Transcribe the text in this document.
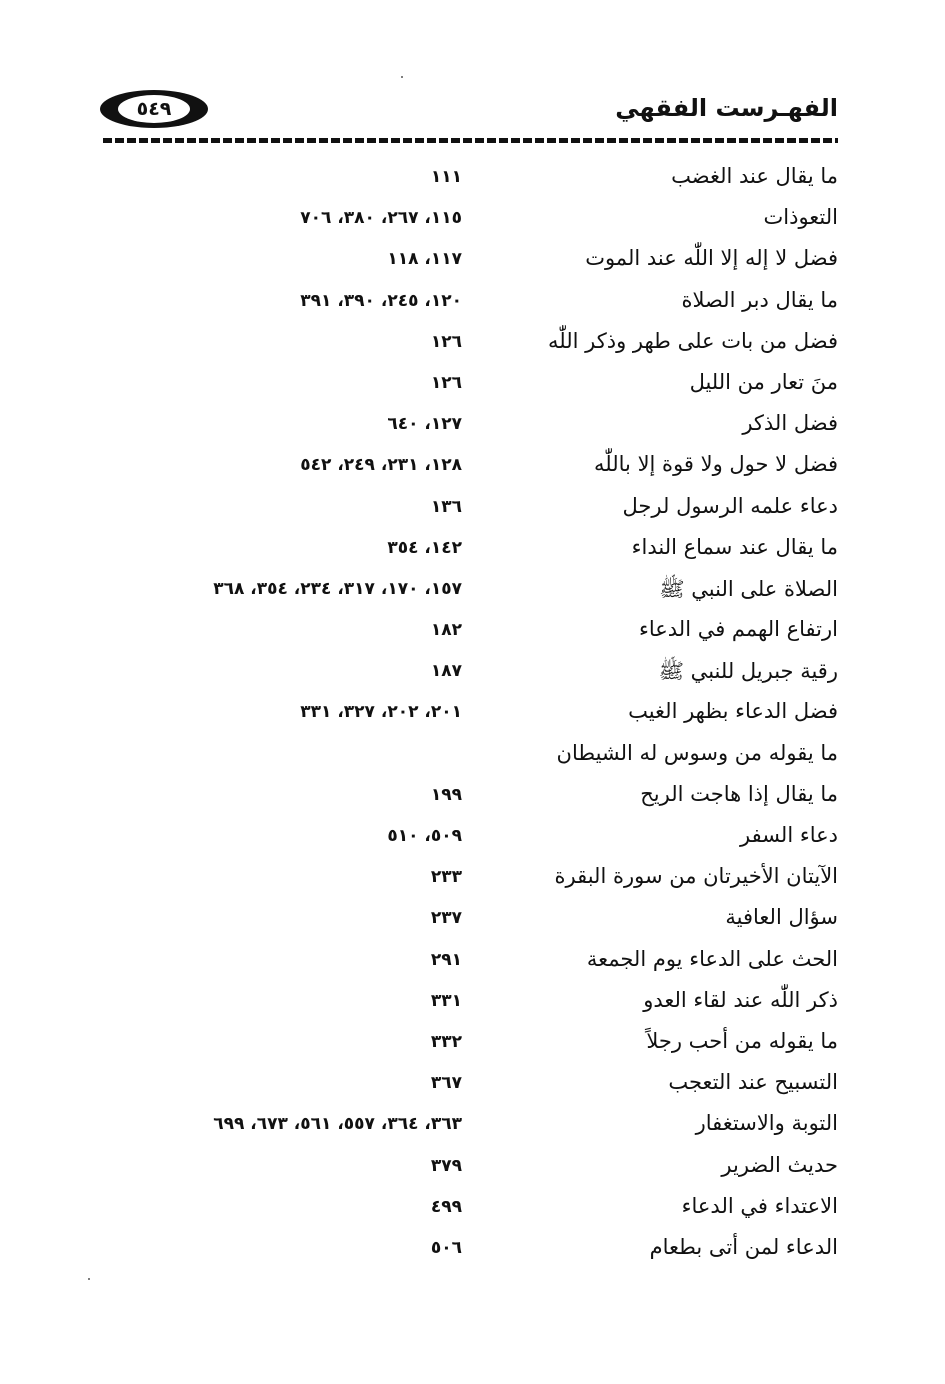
٥٤٩	الفهـرست الفقهي
ما يقال عند الغضب
١١١
التعوذات
١١٥، ٢٦٧، ٣٨٠، ٧٠٦
فضل لا إله إلا اللّٰه عند الموت
١١٧، ١١٨
ما يقال دبر الصلاة
١٢٠، ٢٤٥، ٣٩٠، ٣٩١
فضل من بات على طهر وذكر اللّٰه
١٢٦
منَ تعار من الليل
١٢٦
فضل الذكر
١٢٧، ٦٤٠
فضل لا حول ولا قوة إلا باللّٰه
١٢٨، ٢٣١، ٢٤٩، ٥٤٢
دعاء علمه الرسول لرجل
١٣٦
ما يقال عند سماع النداء
١٤٢، ٣٥٤
الصلاة على النبي ﷺ
١٥٧، ١٧٠، ٣١٧، ٢٣٤، ٣٥٤، ٣٦٨
ارتفاع الهمم في الدعاء
١٨٢
رقية جبريل للنبي ﷺ
١٨٧
فضل الدعاء بظهر الغيب
٢٠١، ٢٠٢، ٣٢٧، ٣٣١
ما يقوله من وسوس له الشيطان
ما يقال إذا هاجت الريح
١٩٩
دعاء السفر
٥٠٩، ٥١٠
الآيتان الأخيرتان من سورة البقرة
٢٣٣
سؤال العافية
٢٣٧
الحث على الدعاء يوم الجمعة
٢٩١
ذكر اللّٰه عند لقاء العدو
٣٣١
ما يقوله من أحب رجلاً
٣٣٢
التسبيح عند التعجب
٣٦٧
التوبة والاستغفار
٣٦٣، ٣٦٤، ٥٥٧، ٥٦١، ٦٧٣، ٦٩٩
حديث الضرير
٣٧٩
الاعتداء في الدعاء
٤٩٩
الدعاء لمن أتى بطعام
٥٠٦
